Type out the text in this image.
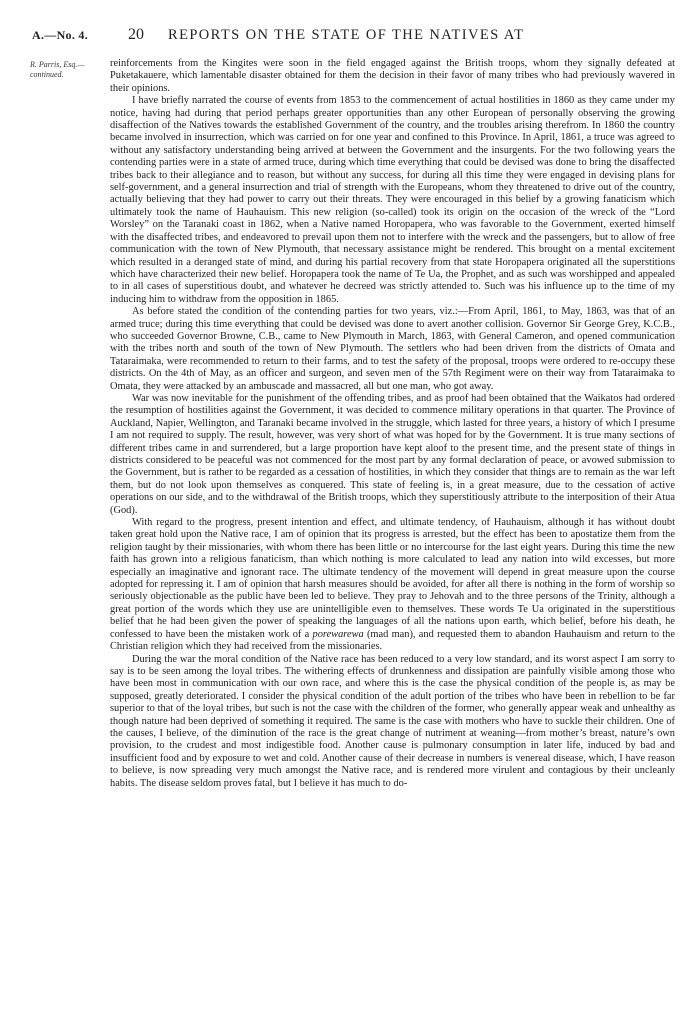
A.—No. 4. 20 REPORTS ON THE STATE OF THE NATIVES AT
R. Parris, Esq.—
continued.

reinforcements from the Kingites were soon in the field engaged against the British troops, whom they signally defeated at Puketakauere, which lamentable disaster obtained for them the decision in their favor of many tribes who had previously wavered in their opinions.

I have briefly narrated the course of events from 1853 to the commencement of actual hostilities in 1860 as they came under my notice, having had during that period perhaps greater opportunities than any other European of personally observing the growing disaffection of the Natives towards the established Government of the country, and the troubles arising therefrom. In 1860 the country became involved in insurrection, which was carried on for one year and confined to this Province. In April, 1861, a truce was agreed to without any satisfactory understanding being arrived at between the Government and the insurgents. For the two following years the contending parties were in a state of armed truce, during which time everything that could be devised was done to bring the disaffected tribes back to their allegiance and to reason, but without any success, for during all this time they were engaged in devising plans for self-government, and a general insurrection and trial of strength with the Europeans, whom they threatened to drive out of the country, actually believing that they had power to carry out their threats. They were encouraged in this belief by a growing fanaticism which ultimately took the name of Hauhauism. This new religion (so-called) took its origin on the occasion of the wreck of the “Lord Worsley” on the Taranaki coast in 1862, when a Native named Horopapera, who was favorable to the Government, exerted himself with the disaffected tribes, and endeavored to prevail upon them not to interfere with the wreck and the passengers, but to allow of free communication with the town of New Plymouth, that necessary assistance might be rendered. This brought on a mental excitement which resulted in a deranged state of mind, and during his partial recovery from that state Horopapera originated all the superstitions which have characterized their new belief. Horopapera took the name of Te Ua, the Prophet, and as such was worshipped and appealed to in all cases of superstitious doubt, and whatever he decreed was strictly attended to. Such was his influence up to the time of my inducing him to withdraw from the opposition in 1865.

As before stated the condition of the contending parties for two years, viz.:—From April, 1861, to May, 1863, was that of an armed truce; during this time everything that could be devised was done to avert another collision. Governor Sir George Grey, K.C.B., who succeeded Governor Browne, C.B., came to New Plymouth in March, 1863, with General Cameron, and opened communication with the tribes north and south of the town of New Plymouth. The settlers who had been driven from the districts of Omata and Tataraimaka, were recommended to return to their farms, and to test the safety of the proposal, troops were ordered to re-occupy these districts. On the 4th of May, as an officer and surgeon, and seven men of the 57th Regiment were on their way from Tataraimaka to Omata, they were attacked by an ambuscade and massacred, all but one man, who got away.

War was now inevitable for the punishment of the offending tribes, and as proof had been obtained that the Waikatos had ordered the resumption of hostilities against the Government, it was decided to commence military operations in that quarter. The Province of Auckland, Napier, Wellington, and Taranaki became involved in the struggle, which lasted for three years, a history of which I presume I am not required to supply. The result, however, was very short of what was hoped for by the Government. It is true many sections of different tribes came in and surrendered, but a large proportion have kept aloof to the present time, and the present state of things in districts considered to be peaceful was not commenced for the most part by any formal declaration of peace, or avowed submission to the Government, but is rather to be regarded as a cessation of hostilities, in which they consider that things are to remain as the war left them, but do not look upon themselves as conquered. This state of feeling is, in a great measure, due to the cessation of active operations on our side, and to the withdrawal of the British troops, which they superstitiously attribute to the interposition of their Atua (God).

With regard to the progress, present intention and effect, and ultimate tendency, of Hauhauism, although it has without doubt taken great hold upon the Native race, I am of opinion that its progress is arrested, but the effect has been to apostatize them from the religion taught by their missionaries, with whom there has been little or no intercourse for the last eight years. During this time the new faith has grown into a religious fanaticism, than which nothing is more calculated to lead any nation into wild excesses, but more especially an imaginative and ignorant race. The ultimate tendency of the movement will depend in great measure upon the course adopted for repressing it. I am of opinion that harsh measures should be avoided, for after all there is nothing in the form of worship so seriously objectionable as the public have been led to believe. They pray to Jehovah and to the three persons of the Trinity, although a great portion of the words which they use are unintelligible even to themselves. These words Te Ua originated in the superstitious belief that he had been given the power of speaking the languages of all the nations upon earth, which belief, before his death, he confessed to have been the mistaken work of a porewarewa (mad man), and requested them to abandon Hauhauism and return to the Christian religion which they had received from the missionaries.

During the war the moral condition of the Native race has been reduced to a very low standard, and its worst aspect I am sorry to say is to be seen among the loyal tribes. The withering effects of drunkenness and dissipation are painfully visible among those who have been most in communication with our own race, and where this is the case the physical condition of the people is, as may be supposed, greatly deteriorated. I consider the physical condition of the adult portion of the tribes who have been in rebellion to be far superior to that of the loyal tribes, but such is not the case with the children of the former, who generally appear weak and unhealthy as though nature had been deprived of something it required. The same is the case with mothers who have to suckle their children. One of the causes, I believe, of the diminution of the race is the great change of nutriment at weaning—from mother’s breast, nature’s own provision, to the crudest and most indigestible food. Another cause is pulmonary consumption in later life, induced by bad and insufficient food and by exposure to wet and cold. Another cause of their decrease in numbers is venereal disease, which, I have reason to believe, is now spreading very much amongst the Native race, and is rendered more virulent and contagious by their uncleanly habits. The disease seldom proves fatal, but I believe it has much to do-
